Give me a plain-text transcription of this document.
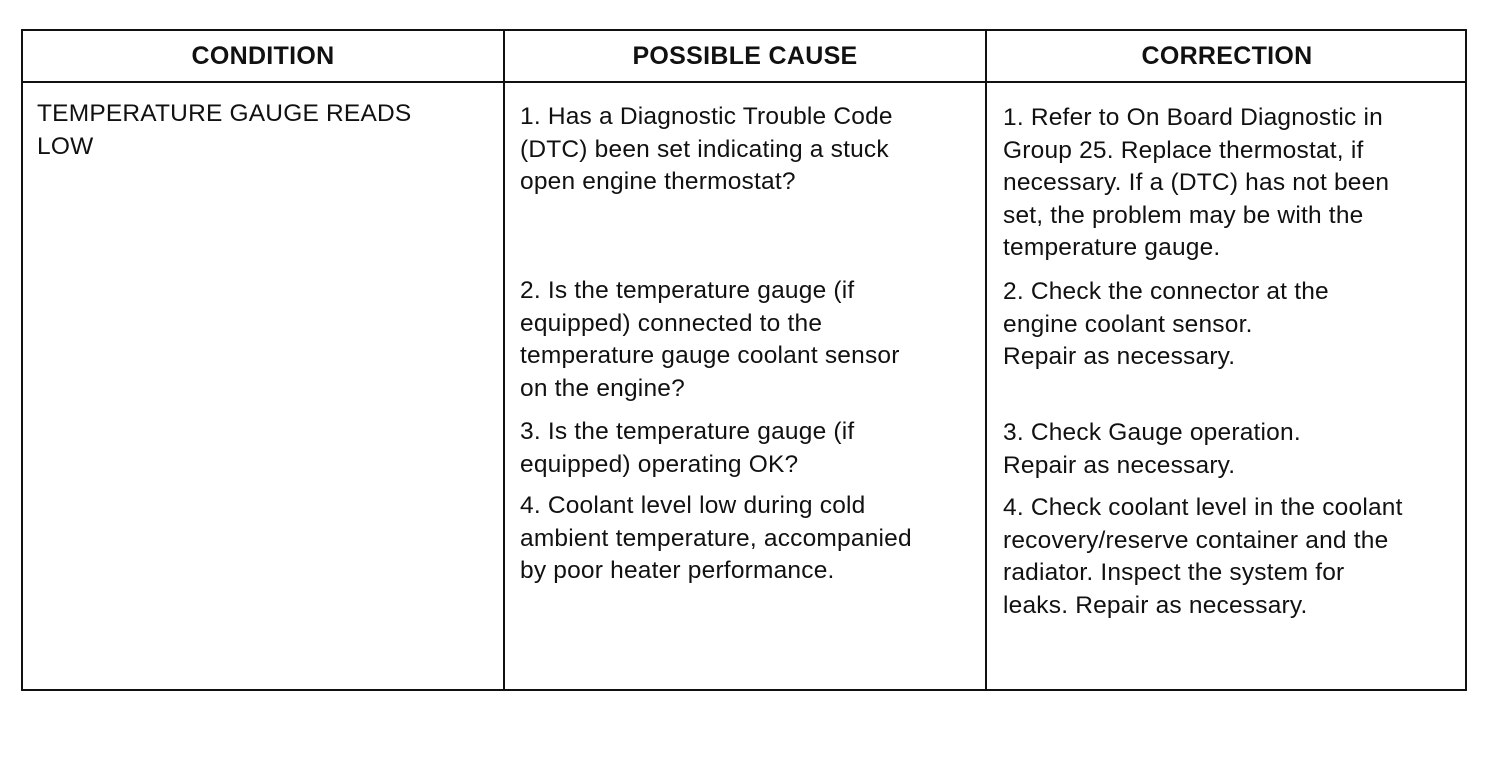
CONDITION	POSSIBLE CAUSE	CORRECTION
TEMPERATURE GAUGE READS
LOW
1. Has a Diagnostic Trouble Code
(DTC) been set indicating a stuck
open engine thermostat?
1. Refer to On Board Diagnostic in
Group 25. Replace thermostat, if
necessary. If a (DTC) has not been
set, the problem may be with the
temperature gauge.
2. Is the temperature gauge (if
equipped) connected to the
temperature gauge coolant sensor
on the engine?
2. Check the connector at the
engine coolant sensor.
Repair as necessary.
3. Is the temperature gauge (if
equipped) operating OK?
3. Check Gauge operation.
Repair as necessary.
4. Coolant level low during cold
ambient temperature, accompanied
by poor heater performance.
4. Check coolant level in the coolant
recovery/reserve container and the
radiator. Inspect the system for
leaks. Repair as necessary.
